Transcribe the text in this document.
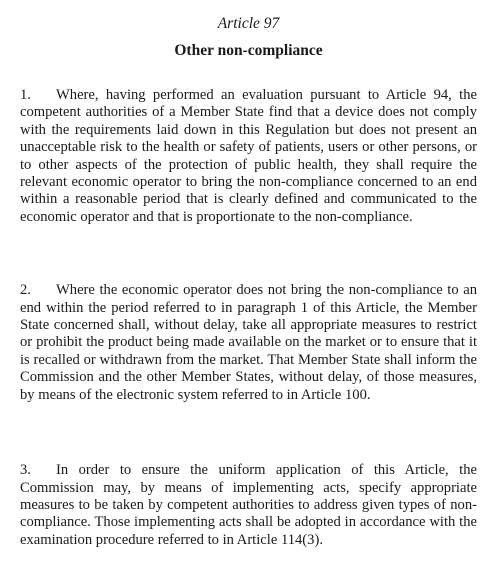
Article 97

Other non-compliance

1. Where, having performed an evaluation pursuant to Article 94, the competent authorities of a Member State find that a device does not comply with the requirements laid down in this Regulation but does not present an unacceptable risk to the health or safety of patients, users or other persons, or to other aspects of the protection of public health, they shall require the relevant economic operator to bring the non-compliance concerned to an end within a reasonable period that is clearly defined and communicated to the economic operator and that is proportionate to the non-compliance.

2. Where the economic operator does not bring the non-compliance to an end within the period referred to in paragraph 1 of this Article, the Member State concerned shall, without delay, take all appropriate measures to restrict or prohibit the product being made available on the market or to ensure that it is recalled or withdrawn from the market. That Member State shall inform the Commission and the other Member States, without delay, of those measures, by means of the electronic system referred to in Article 100.

3. In order to ensure the uniform application of this Article, the Commission may, by means of implementing acts, specify appropriate measures to be taken by competent authorities to address given types of non-compliance. Those implementing acts shall be adopted in accordance with the examination procedure referred to in Article 114(3).
